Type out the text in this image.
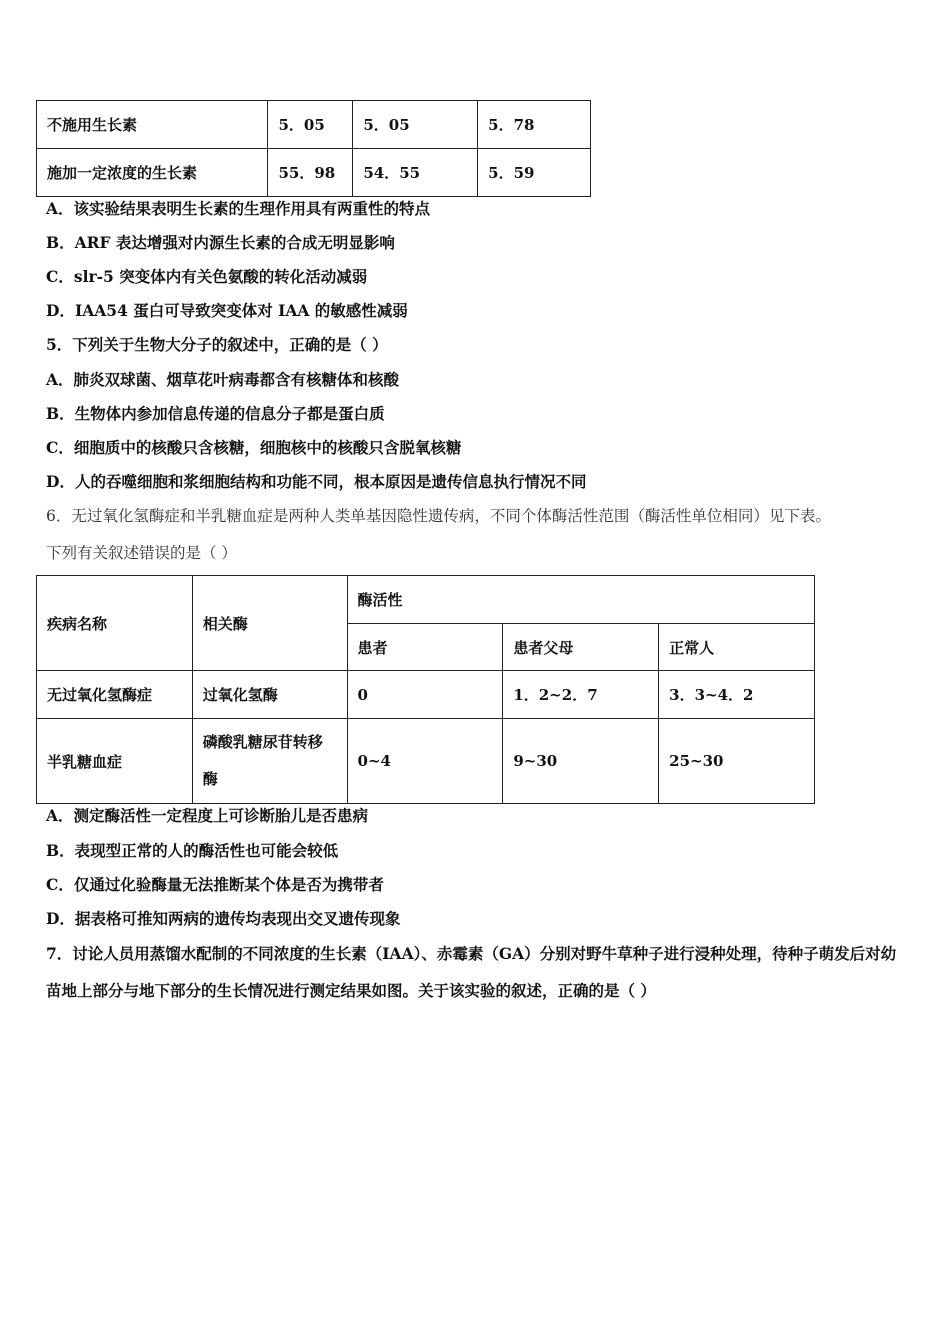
不施用生长素	5．05	5．05	5．78
施加一定浓度的生长素	55．98	54．55	5．59
A．该实验结果表明生长素的生理作用具有两重性的特点
B．ARF 表达增强对内源生长素的合成无明显影响
C．slr-5 突变体内有关色氨酸的转化活动减弱
D．IAA54 蛋白可导致突变体对 IAA 的敏感性减弱
5．下列关于生物大分子的叙述中，正确的是（ ）
A．肺炎双球菌、烟草花叶病毒都含有核糖体和核酸
B．生物体内参加信息传递的信息分子都是蛋白质
C．细胞质中的核酸只含核糖，细胞核中的核酸只含脱氧核糖
D．人的吞噬细胞和浆细胞结构和功能不同，根本原因是遗传信息执行情况不同
6．无过氧化氢酶症和半乳糖血症是两种人类单基因隐性遗传病，不同个体酶活性范围（酶活性单位相同）见下表。
下列有关叙述错误的是（ ）
疾病名称	相关酶	酶活性		
		患者	患者父母	正常人
无过氧化氢酶症	过氧化氢酶	0	1．2~2．7	3．3~4．2
半乳糖血症	磷酸乳糖尿苷转移酶	0~4	9~30	25~30
A．测定酶活性一定程度上可诊断胎儿是否患病
B．表现型正常的人的酶活性也可能会较低
C．仅通过化验酶量无法推断某个体是否为携带者
D．据表格可推知两病的遗传均表现出交叉遗传现象
7．讨论人员用蒸馏水配制的不同浓度的生长素（IAA）、赤霉素（GA）分别对野牛草种子进行浸种处理，待种子萌发后对幼苗地上部分与地下部分的生长情况进行测定结果如图。关于该实验的叙述，正确的是（ ）
